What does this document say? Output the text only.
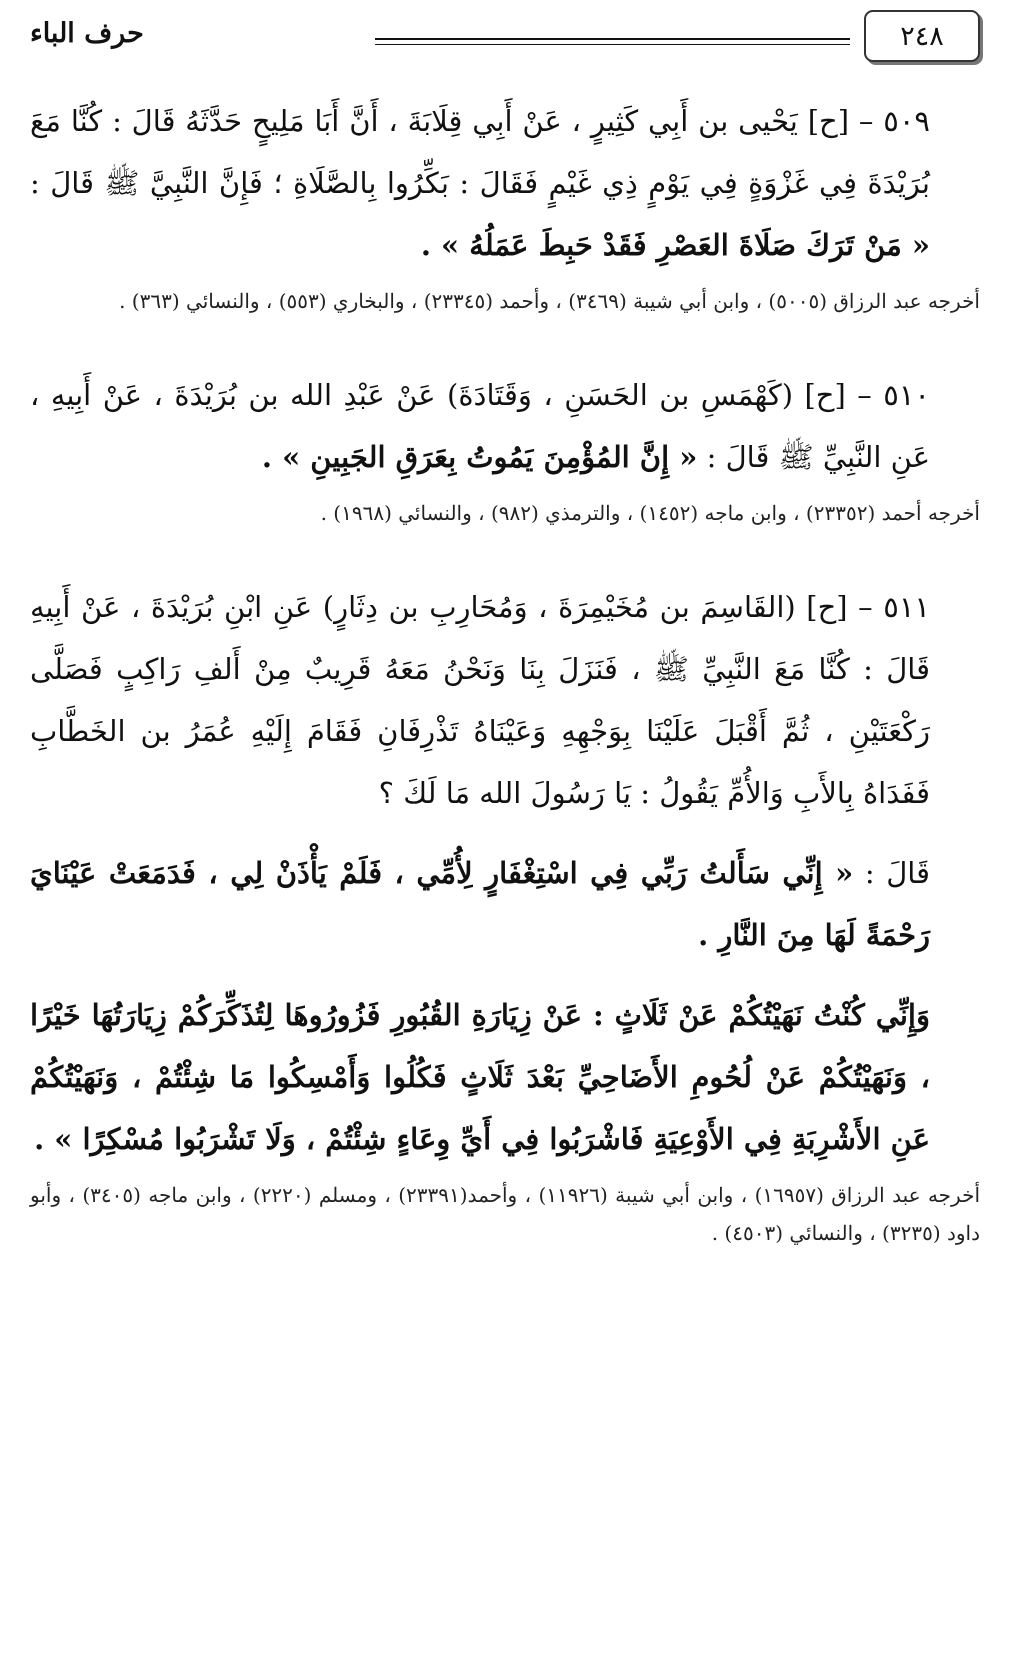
٢٤٨
حرف الباء

٥٠٩ – [ح] يَحْيى بن أَبِي كَثِيرٍ ، عَنْ أَبِي قِلَابَةَ ، أَنَّ أَبَا مَلِيحٍ حَدَّثَهُ قَالَ : كُنَّا مَعَ بُرَيْدَةَ فِي غَزْوَةٍ فِي يَوْمٍ ذِي غَيْمٍ فَقَالَ : بَكِّرُوا بِالصَّلَاةِ ؛ فَإِنَّ النَّبِيَّ ﷺ قَالَ : « مَنْ تَرَكَ صَلَاةَ العَصْرِ فَقَدْ حَبِطَ عَمَلُهُ » .

أخرجه عبد الرزاق (٥٠٠٥) ، وابن أبي شيبة (٣٤٦٩) ، وأحمد (٢٣٣٤٥) ، والبخاري (٥٥٣) ، والنسائي (٣٦٣) .

٥١٠ – [ح] (كَهْمَسِ بن الحَسَنِ ، وَقَتَادَةَ) عَنْ عَبْدِ الله بن بُرَيْدَةَ ، عَنْ أَبِيهِ ، عَنِ النَّبِيِّ ﷺ قَالَ : « إِنَّ المُؤْمِنَ يَمُوتُ بِعَرَقِ الجَبِينِ » .

أخرجه أحمد (٢٣٣٥٢) ، وابن ماجه (١٤٥٢) ، والترمذي (٩٨٢) ، والنسائي (١٩٦٨) .

٥١١ – [ح] (القَاسِمَ بن مُخَيْمِرَةَ ، وَمُحَارِبِ بن دِثَارٍ) عَنِ ابْنِ بُرَيْدَةَ ، عَنْ أَبِيهِ قَالَ : كُنَّا مَعَ النَّبِيِّ ﷺ ، فَنَزَلَ بِنَا وَنَحْنُ مَعَهُ قَرِيبٌ مِنْ أَلفِ رَاكِبٍ فَصَلَّى رَكْعَتَيْنِ ، ثُمَّ أَقْبَلَ عَلَيْنَا بِوَجْهِهِ وَعَيْنَاهُ تَذْرِفَانِ فَقَامَ إِلَيْهِ عُمَرُ بن الخَطَّابِ فَفَدَاهُ بِالأَبِ وَالأُمِّ يَقُولُ : يَا رَسُولَ الله مَا لَكَ ؟

قَالَ : « إِنِّي سَأَلتُ رَبِّي فِي اسْتِغْفَارٍ لِأُمِّي ، فَلَمْ يَأْذَنْ لِي ، فَدَمَعَتْ عَيْنَايَ رَحْمَةً لَهَا مِنَ النَّارِ .

وَإِنِّي كُنْتُ نَهَيْتُكُمْ عَنْ ثَلَاثٍ : عَنْ زِيَارَةِ القُبُورِ فَزُورُوهَا لِتُذَكِّرَكُمْ زِيَارَتُهَا خَيْرًا ، وَنَهَيْتُكُمْ عَنْ لُحُومِ الأَضَاحِيِّ بَعْدَ ثَلَاثٍ فَكُلُوا وَأَمْسِكُوا مَا شِئْتُمْ ، وَنَهَيْتُكُمْ عَنِ الأَشْرِبَةِ فِي الأَوْعِيَةِ فَاشْرَبُوا فِي أَيِّ وِعَاءٍ شِئْتُمْ ، وَلَا تَشْرَبُوا مُسْكِرًا » .

أخرجه عبد الرزاق (١٦٩٥٧) ، وابن أبي شيبة (١١٩٢٦) ، وأحمد(٢٣٣٩١) ، ومسلم (٢٢٢٠) ، وابن ماجه (٣٤٠٥) ، وأبو داود (٣٢٣٥) ، والنسائي (٤٥٠٣) .
